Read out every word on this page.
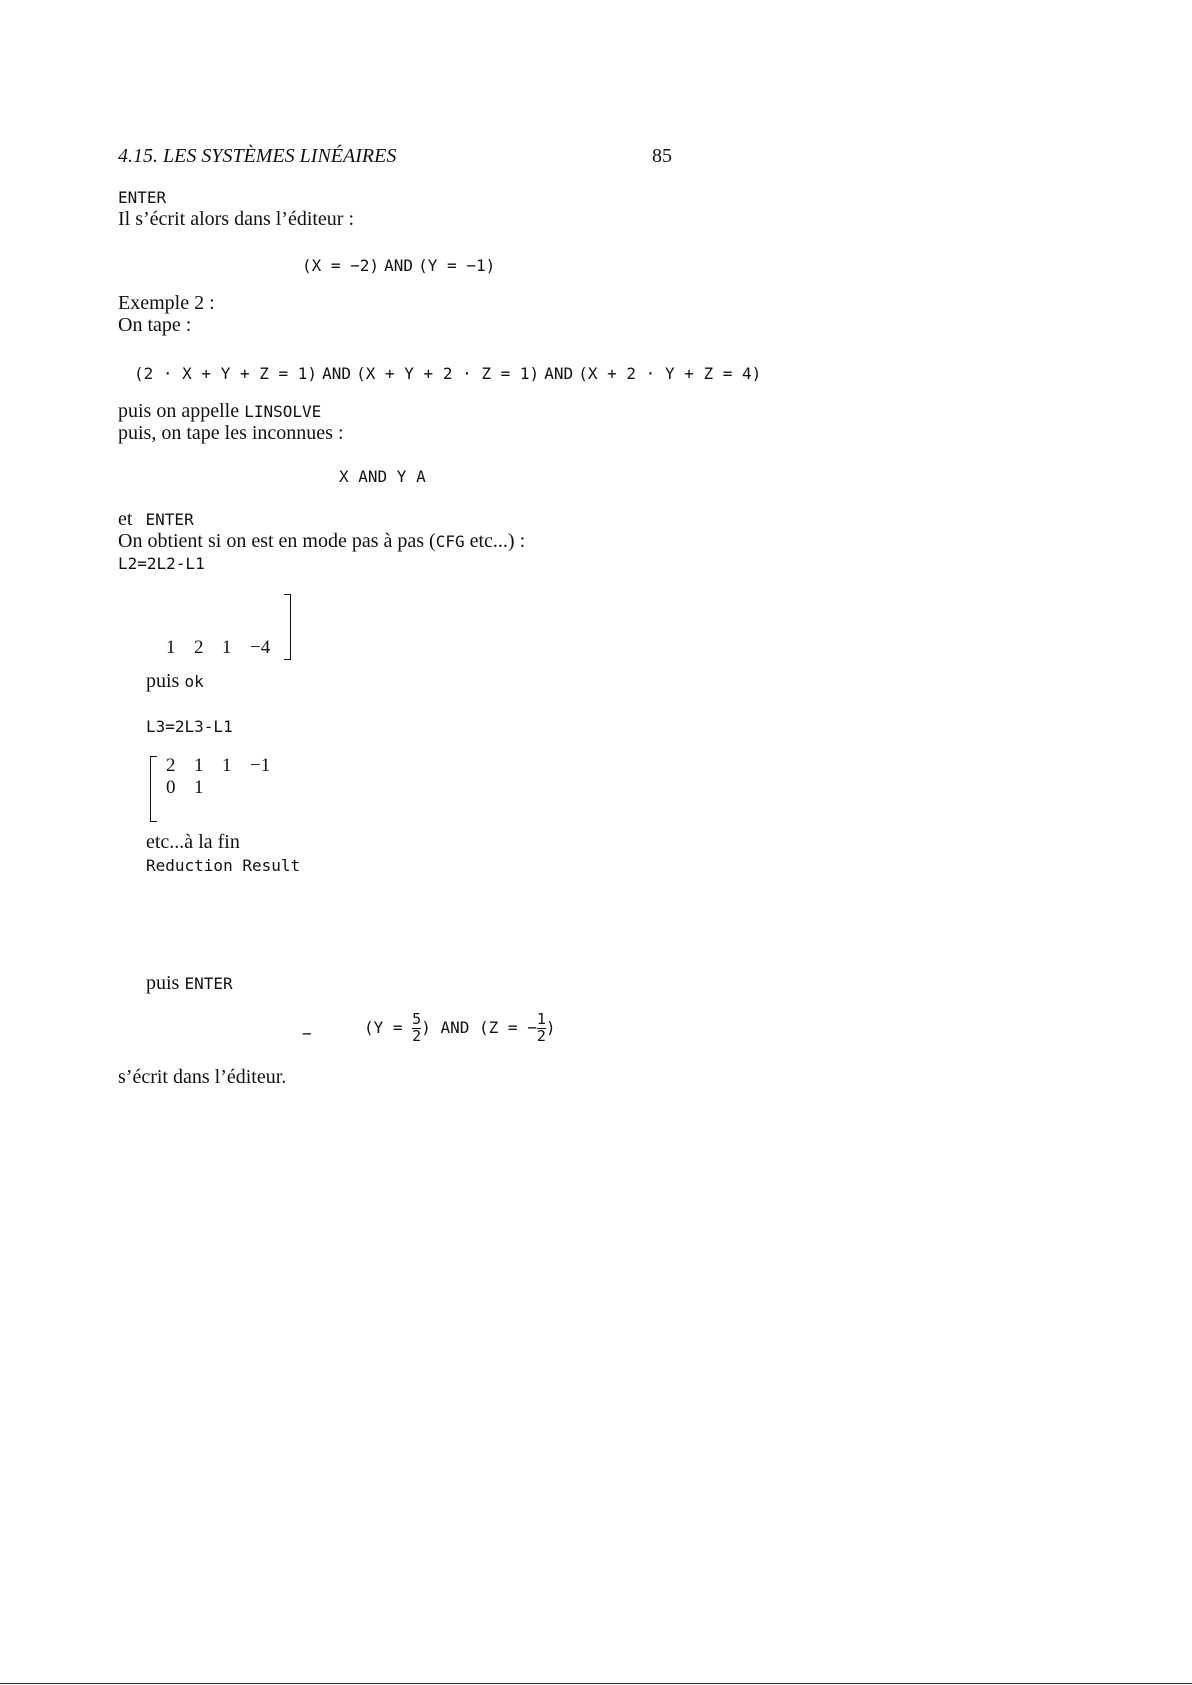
4.15. LES SYSTÈMES LINÉAIRES	85
ENTER
Il s’écrit alors dans l’éditeur :
(X = −2) AND (Y = −1)
Exemple 2 :
On tape :
(2 · X + Y + Z = 1) AND (X + Y + 2 · Z = 1) AND (X + 2 · Y + Z = 4)
puis on appelle LINSOLVE
puis, on tape les inconnues :
X AND Y A
et ENTER
On obtient si on est en mode pas à pas (CFG etc...) :
L2=2L2-L1
1	2	1	−4
puis ok
L3=2L3-L1
2	1	1	−1
0	1		
etc...à la fin
Reduction Result
puis ENTER
−	($Y = \frac{5}{2}$ ) AND (Z = − $\frac{1}{2}$ )
s’écrit dans l’éditeur.
